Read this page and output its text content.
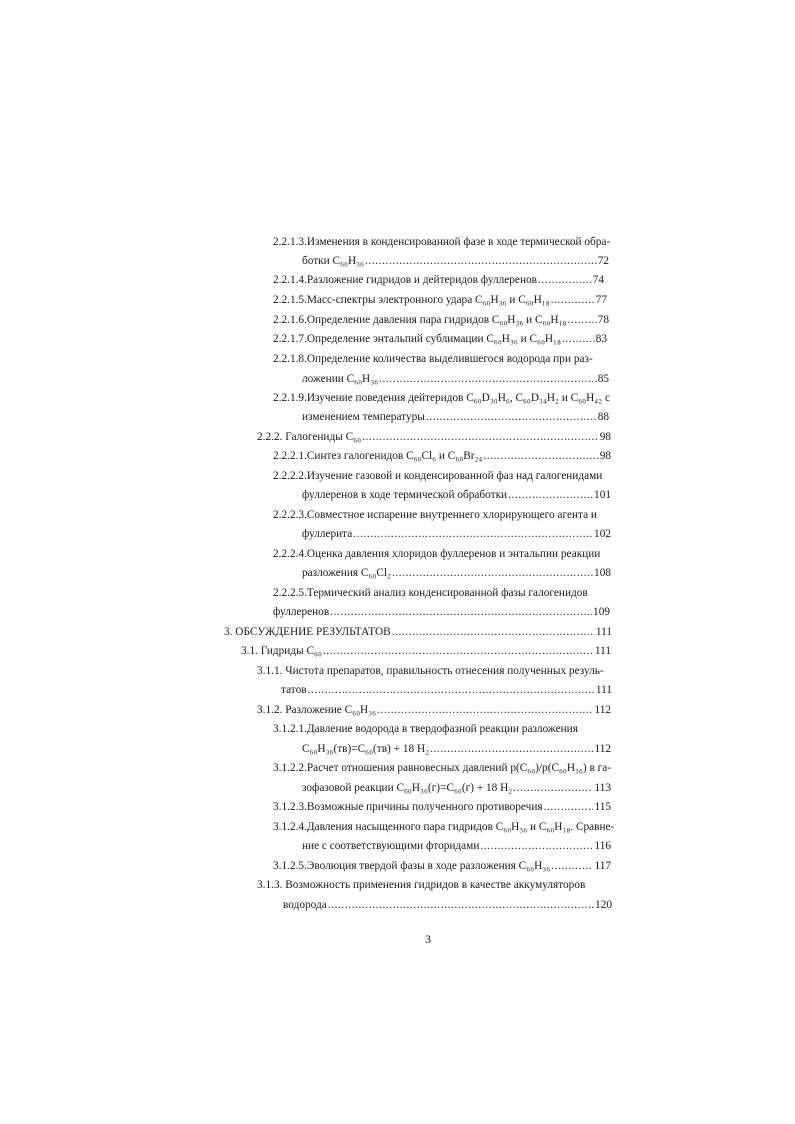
2.2.1.3.Изменения в конденсированной фазе в ходе термической обра-
ботки C₆₀H₃₆ .....	72
2.2.1.4.Разложение гидридов и дейтеридов фуллеренов .....	74
2.2.1.5.Масс-спектры электронного удара C₆₀H₃₆ и C₆₀H₁₈ .....	77
2.2.1.6.Определение давления пара гидридов C₆₀H₃₆ и C₆₀H₁₈ .....	78
2.2.1.7.Определение энтальпий сублимации C₆₀H₃₆ и C₆₀H₁₈ .....	83
2.2.1.8.Определение количества выделившегося водорода при раз-
ложении C₆₀H₃₆ .....	85
2.2.1.9.Изучение поведения дейтеридов C₆₀D₃₀H₆, C₆₀D₃₄H₂ и C₆₀H₄₂ с
изменением температуры .....	88
2.2.2. Галогениды C₆₀ .....	98
2.2.2.1.Синтез галогенидов C₆₀Cl₆ и C₆₀Br₂₄ .....	98
2.2.2.2.Изучение газовой и конденсированной фаз над галогенидами
фуллеренов в ходе термической обработки .....	101
2.2.2.3.Совместное испарение внутреннего хлорирующего агента и
фуллерита .....	102
2.2.2.4.Оценка давления хлоридов фуллеренов и энтальпии реакции
разложения C₆₀Cl₂ .....	108
2.2.2.5.Термический анализ конденсированной фазы галогенидов
фуллеренов .....	109
3. ОБСУЖДЕНИЕ РЕЗУЛЬТАТОВ .....	111
3.1. Гидриды C₆₀ .....	111
3.1.1. Чистота препаратов, правильность отнесения полученных резуль-
татов .....	111
3.1.2. Разложение C₆₀H₃₆ .....	112
3.1.2.1.Давление водорода в твердофазной реакции разложения
C₆₀H₃₆(тв)=C₆₀(тв) + 18 H₂ .....	112
3.1.2.2.Расчет отношения равновесных давлений p(C₆₀)/p(C₆₀H₃₆) в га-
зофазовой реакции C₆₀H₃₆(г)=C₆₀(г) + 18 H₂ .....	113
3.1.2.3.Возможные причины полученного противоречия .....	115
3.1.2.4.Давления насыщенного пара гидридов C₆₀H₃₆ и C₆₀H₁₈. Сравне-
ние с соответствующими фторидами .....	116
3.1.2.5.Эволюция твердой фазы в ходе разложения C₆₀H₃₆ .....	117
3.1.3. Возможность применения гидридов в качестве аккумуляторов
водорода .....	120
3
